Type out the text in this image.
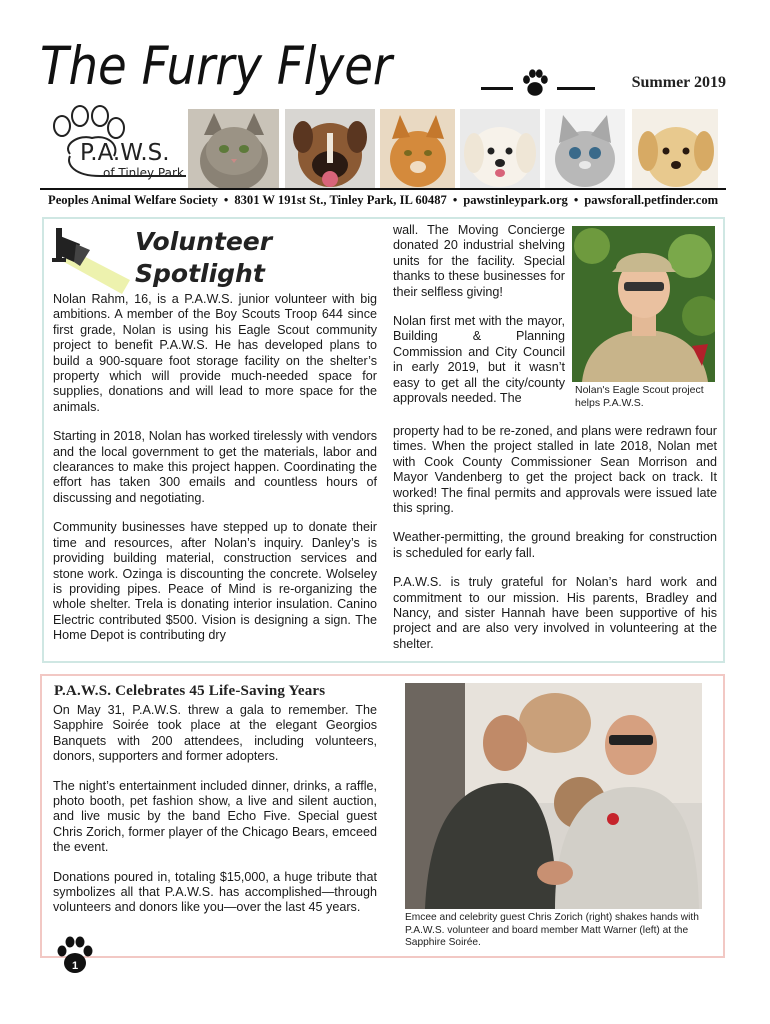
The Furry Flyer	Summer 2019
P.A.W.S.
of Tinley Park
Peoples Animal Welfare Society • 8301 W 191st St., Tinley Park, IL 60487 • pawstinleypark.org • pawsforall.petfinder.com
Volunteer
Spotlight

Nolan Rahm, 16, is a P.A.W.S. junior volunteer with big ambitions. A member of the Boy Scouts Troop 644 since first grade, Nolan is using his Eagle Scout community project to benefit P.A.W.S. He has developed plans to build a 900-square foot storage facility on the shelter’s property which will provide much-needed space for supplies, donations and will lead to more space for the animals.

Starting in 2018, Nolan has worked tirelessly with vendors and the local government to get the materials, labor and clearances to make this project happen. Coordinating the effort has taken 300 emails and countless hours of discussing and negotiating.

Community businesses have stepped up to donate their time and resources, after Nolan’s inquiry. Danley’s is providing building material, construction services and stone work. Ozinga is discounting the concrete. Wolseley is providing pipes. Peace of Mind is re-organizing the whole shelter. Trela is donating interior insulation. Canino Electric contributed $500. Vision is designing a sign. The Home Depot is contributing dry

wall. The Moving Concierge donated 20 industrial shelving units for the facility. Special thanks to these businesses for their selfless giving!

Nolan first met with the mayor, Building & Planning Commission and City Council in early 2019, but it wasn’t easy to get all the city/county approvals needed. The

Nolan's Eagle Scout project helps P.A.W.S.

property had to be re-zoned, and plans were redrawn four times. When the project stalled in late 2018, Nolan met with Cook County Commissioner Sean Morrison and Mayor Vandenberg to get the project back on track. It worked! The final permits and approvals were issued late this spring.

Weather-permitting, the ground breaking for construction is scheduled for early fall.

P.A.W.S. is truly grateful for Nolan’s hard work and commitment to our mission. His parents, Bradley and Nancy, and sister Hannah have been supportive of his project and are also very involved in volunteering at the shelter.

P.A.W.S. Celebrates 45 Life-Saving Years

On May 31, P.A.W.S. threw a gala to remember. The Sapphire Soirée took place at the elegant Georgios Banquets with 200 attendees, including volunteers, donors, supporters and former adopters.

The night’s entertainment included dinner, drinks, a raffle, photo booth, pet fashion show, a live and silent auction, and live music by the band Echo Five. Special guest Chris Zorich, former player of the Chicago Bears, emceed the event.

Donations poured in, totaling $15,000, a huge tribute that symbolizes all that P.A.W.S. has accomplished—through volunteers and donors like you—over the last 45 years.

Emcee and celebrity guest Chris Zorich (right) shakes hands with P.A.W.S. volunteer and board member Matt Warner (left) at the Sapphire Soirée.
1
